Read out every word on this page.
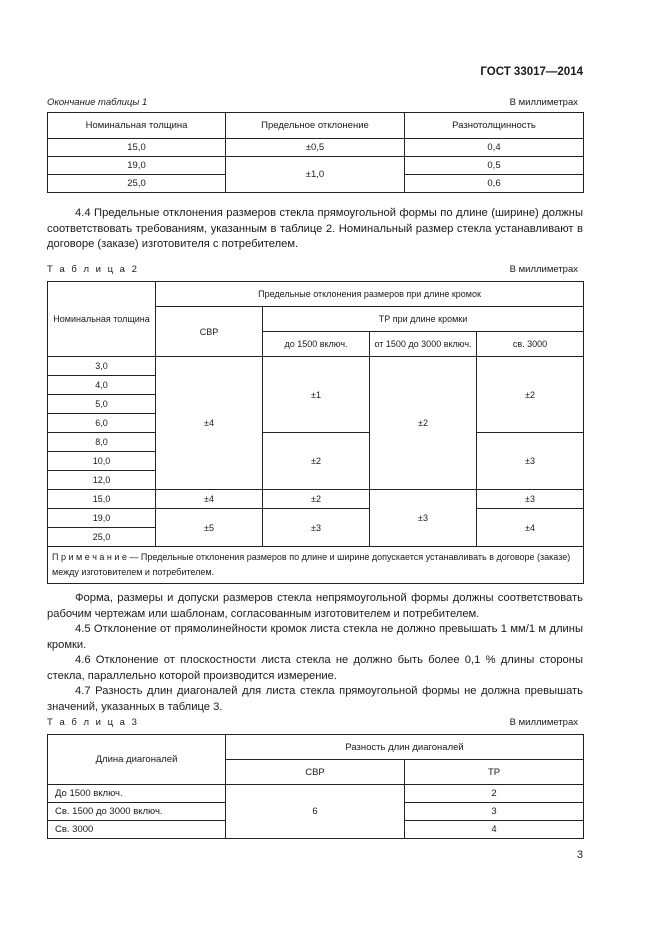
ГОСТ 33017—2014
Окончание таблицы 1	В миллиметрах
Номинальная толщина	Предельное отклонение	Разнотолщинность
15,0	±0,5	0,4
19,0	±1,0	0,5
25,0		0,6
4.4 Предельные отклонения размеров стекла прямоугольной формы по длине (ширине) должны соответствовать требованиям, указанным в таблице 2. Номинальный размер стекла устанавливают в договоре (заказе) изготовителя с потребителем.
Т а б л и ц а 2	В миллиметрах
Номинальная толщина	Предельные отклонения размеров при длине кромок			
	СВР	ТР при длине кромки		
		до 1500 включ.	от 1500 до 3000 включ.	св. 3000
3,0	±4	±1	±2	±2
4,0				
5,0				
6,0				
8,0		±2		±3
10,0				
12,0				
15,0	±4	±2	±3	±3
19,0	±5	±3		±4
25,0				
П р и м е ч а н и е — Предельные отклонения размеров по длине и ширине допускается устанавливать в договоре (заказе) между изготовителем и потребителем.				
Форма, размеры и допуски размеров стекла непрямоугольной формы должны соответствовать рабочим чертежам или шаблонам, согласованным изготовителем и потребителем.
4.5 Отклонение от прямолинейности кромок листа стекла не должно превышать 1 мм/1 м длины кромки.
4.6 Отклонение от плоскостности листа стекла не должно быть более 0,1 % длины стороны стекла, параллельно которой производится измерение.
4.7 Разность длин диагоналей для листа стекла прямоугольной формы не должна превышать значений, указанных в таблице 3.
Т а б л и ц а 3	В миллиметрах
Длина диагоналей	Разность длин диагоналей	
	СВР	ТР
До 1500 включ.	6	2
Св. 1500 до 3000 включ.		3
Св. 3000		4
3
